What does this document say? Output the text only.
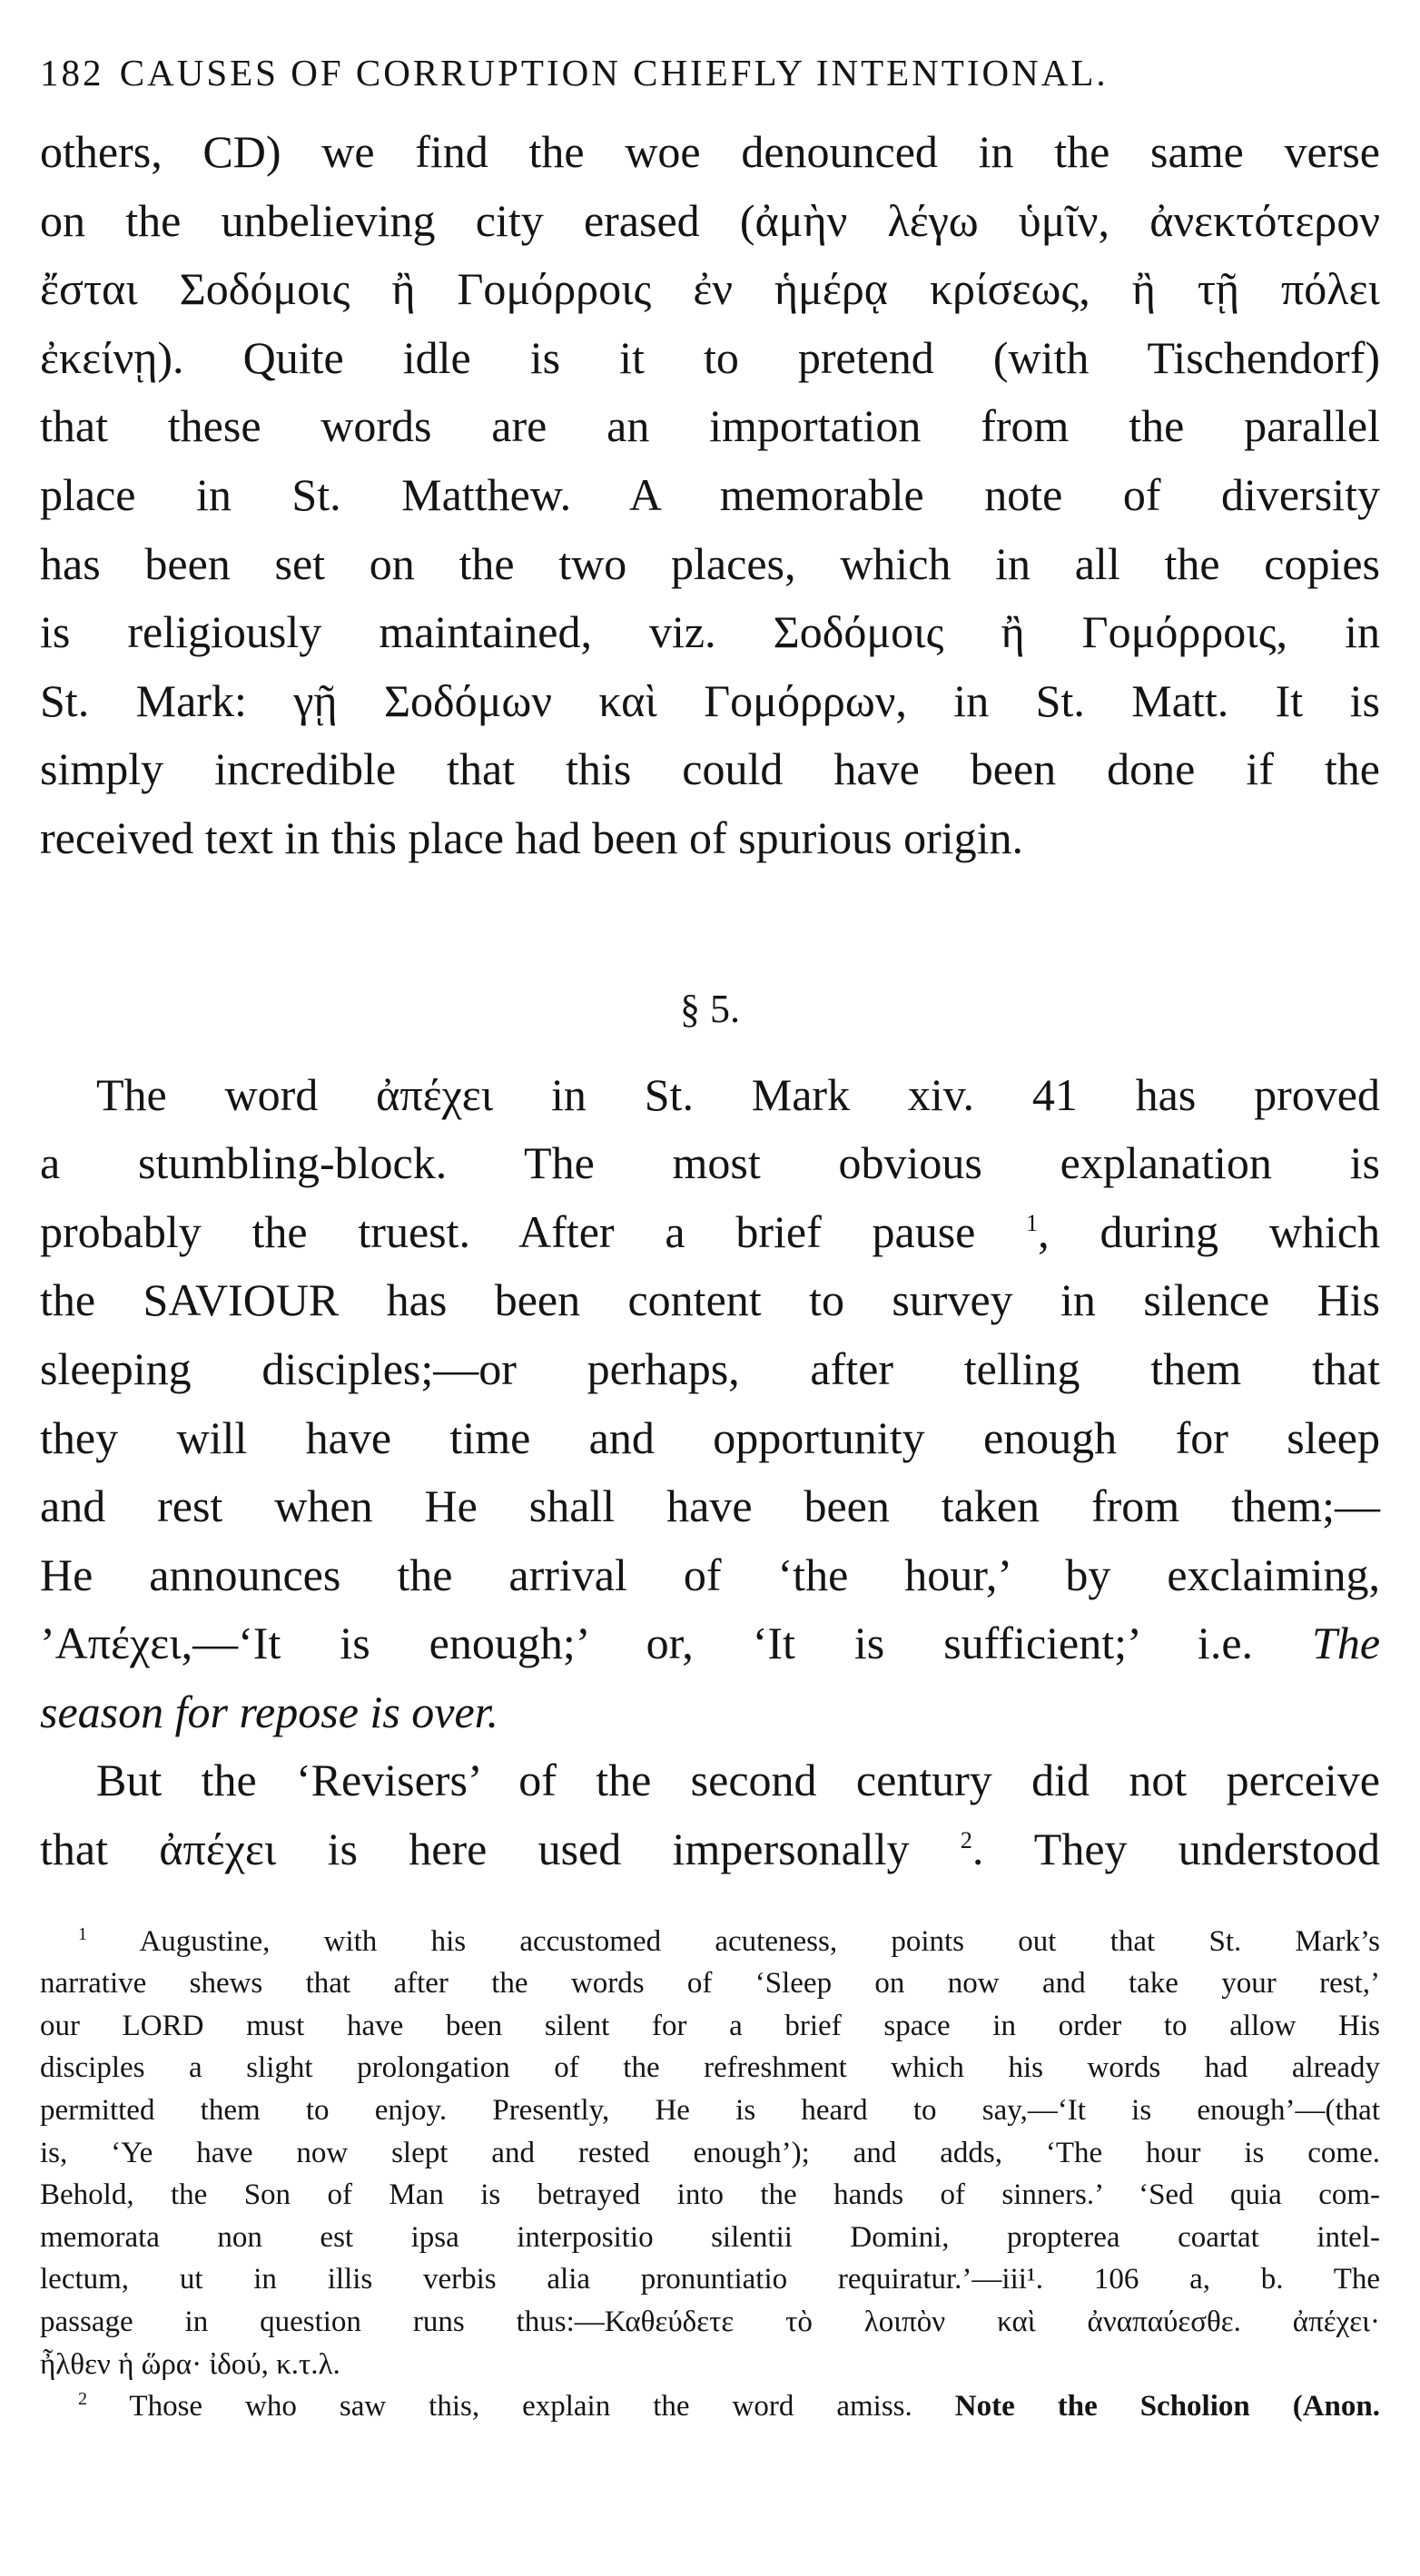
182 CAUSES OF CORRUPTION CHIEFLY INTENTIONAL.
others, CD) we find the woe denounced in the same verse
on the unbelieving city erased (ἀμὴν λέγω ὑμῖν, ἀνεκτότερον
ἔσται Σοδόμοις ἢ Γομόρροις ἐν ἡμέρᾳ κρίσεως, ἢ τῇ πόλει
ἐκείνῃ). Quite idle is it to pretend (with Tischendorf)
that these words are an importation from the parallel
place in St. Matthew. A memorable note of diversity
has been set on the two places, which in all the copies
is religiously maintained, viz. Σοδόμοις ἢ Γομόρροις, in
St. Mark: γῇ Σοδόμων καὶ Γομόρρων, in St. Matt. It is
simply incredible that this could have been done if the
received text in this place had been of spurious origin.
§ 5.
The word ἀπέχει in St. Mark xiv. 41 has proved
a stumbling-block. The most obvious explanation is
probably the truest. After a brief pause $^1$, during which
the SAVIOUR has been content to survey in silence His
sleeping disciples;—or perhaps, after telling them that
they will have time and opportunity enough for sleep
and rest when He shall have been taken from them;—
He announces the arrival of ‘the hour,’ by exclaiming,
’Απέχει,—‘It is enough;’ or, ‘It is sufficient;’ i.e. The
season for repose is over.
But the ‘Revisers’ of the second century did not perceive
that ἀπέχει is here used impersonally $^2$. They understood
$^1$ Augustine, with his accustomed acuteness, points out that St. Mark’s
narrative shews that after the words of ‘Sleep on now and take your rest,’
our LORD must have been silent for a brief space in order to allow His
disciples a slight prolongation of the refreshment which his words had already
permitted them to enjoy. Presently, He is heard to say,—‘It is enough’—(that
is, ‘Ye have now slept and rested enough’); and adds, ‘The hour is come.
Behold, the Son of Man is betrayed into the hands of sinners.’ ‘Sed quia com-
memorata non est ipsa interpositio silentii Domini, propterea coartat intel-
lectum, ut in illis verbis alia pronuntiatio requiratur.’—iii¹. 106 a, b. The
passage in question runs thus:—Καθεύδετε τὸ λοιπὸν καὶ ἀναπαύεσθε. ἀπέχει·
ἦλθεν ἡ ὥρα· ἰδού, κ.τ.λ.
$^2$ Those who saw this, explain the word amiss. Note the Scholion (Anon.
